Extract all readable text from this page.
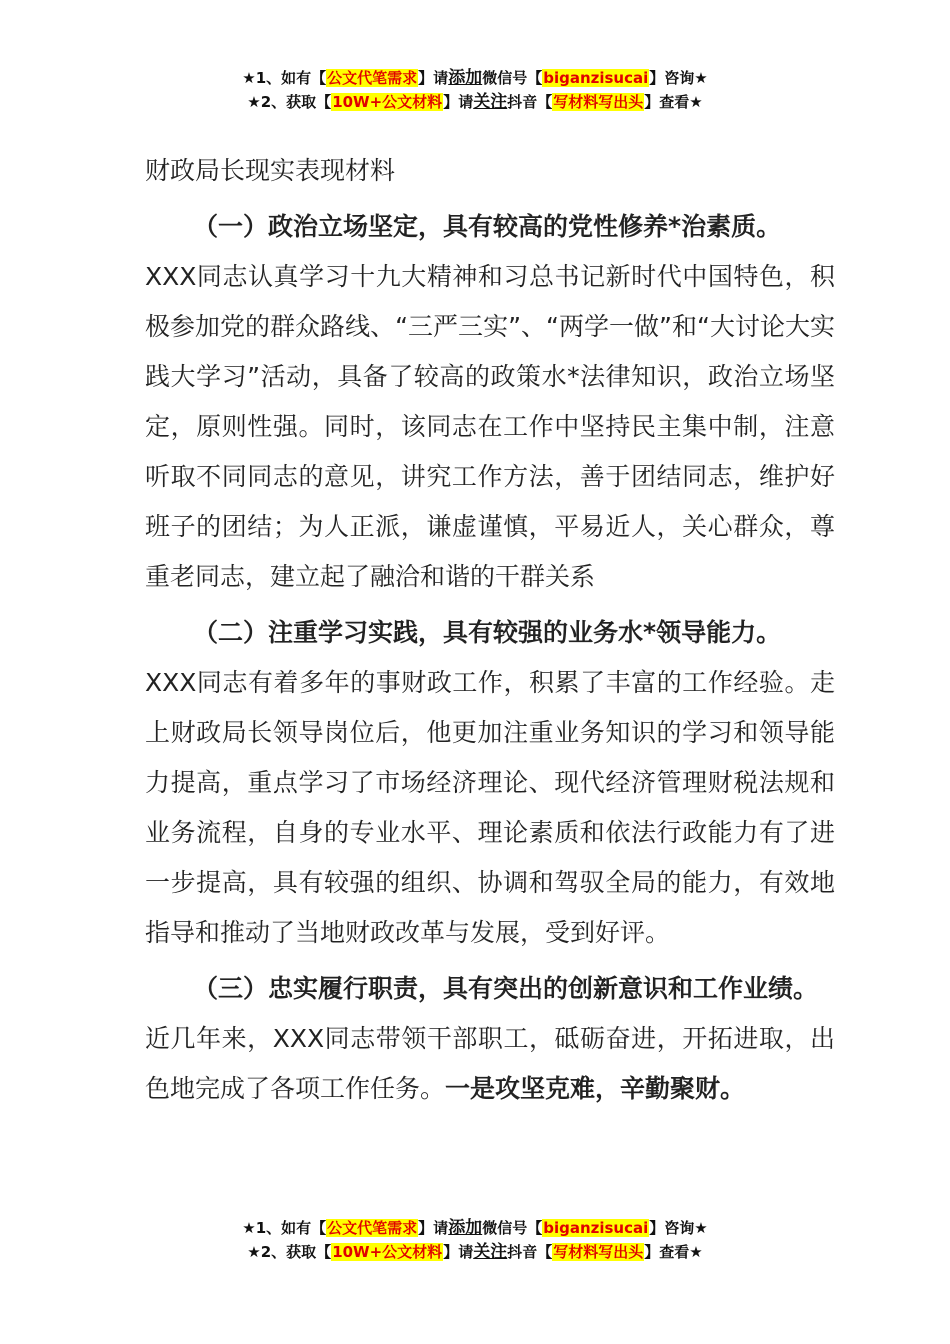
★1、如有【公文代笔需求】请添加微信号【biganzisucai】咨询★
★2、获取【10W+公文材料】请关注抖音【写材料写出头】查看★

财政局长现实表现材料

（一）政治立场坚定，具有较高的党性修养*治素质。

XXX同志认真学习十九大精神和习总书记新时代中国特色，积极参加党的群众路线、“三严三实”、“两学一做”和“大讨论大实践大学习”活动，具备了较高的政策水*法律知识，政治立场坚定，原则性强。同时，该同志在工作中坚持民主集中制，注意听取不同同志的意见，讲究工作方法，善于团结同志，维护好班子的团结；为人正派，谦虚谨慎，平易近人，关心群众，尊重老同志，建立起了融洽和谐的干群关系

（二）注重学习实践，具有较强的业务水*领导能力。

XXX同志有着多年的事财政工作，积累了丰富的工作经验。走上财政局长领导岗位后，他更加注重业务知识的学习和领导能力提高，重点学习了市场经济理论、现代经济管理财税法规和业务流程，自身的专业水平、理论素质和依法行政能力有了进一步提高，具有较强的组织、协调和驾驭全局的能力，有效地指导和推动了当地财政改革与发展，受到好评。

（三）忠实履行职责，具有突出的创新意识和工作业绩。

近几年来，XXX同志带领干部职工，砥砺奋进，开拓进取，出色地完成了各项工作任务。一是攻坚克难，辛勤聚财。

★1、如有【公文代笔需求】请添加微信号【biganzisucai】咨询★
★2、获取【10W+公文材料】请关注抖音【写材料写出头】查看★
